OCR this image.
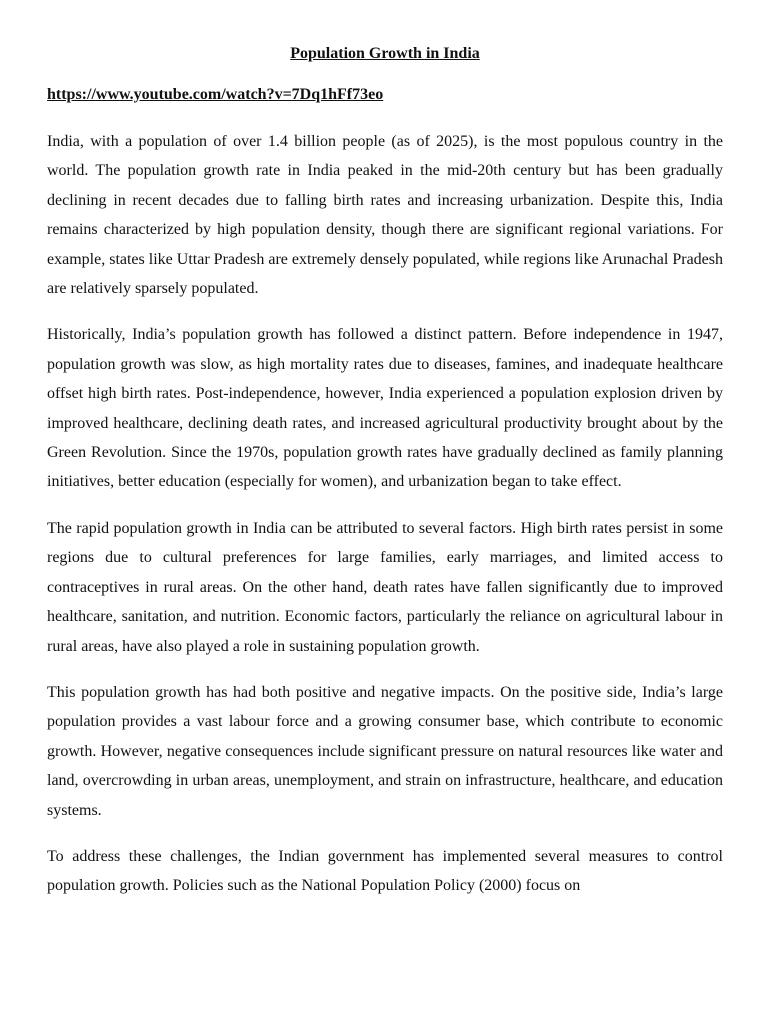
Population Growth in India
https://www.youtube.com/watch?v=7Dq1hFf73eo

India, with a population of over 1.4 billion people (as of 2025), is the most populous country in the world. The population growth rate in India peaked in the mid-20th century but has been gradually declining in recent decades due to falling birth rates and increasing urbanization. Despite this, India remains characterized by high population density, though there are significant regional variations. For example, states like Uttar Pradesh are extremely densely populated, while regions like Arunachal Pradesh are relatively sparsely populated.

Historically, India’s population growth has followed a distinct pattern. Before independence in 1947, population growth was slow, as high mortality rates due to diseases, famines, and inadequate healthcare offset high birth rates. Post-independence, however, India experienced a population explosion driven by improved healthcare, declining death rates, and increased agricultural productivity brought about by the Green Revolution. Since the 1970s, population growth rates have gradually declined as family planning initiatives, better education (especially for women), and urbanization began to take effect.

The rapid population growth in India can be attributed to several factors. High birth rates persist in some regions due to cultural preferences for large families, early marriages, and limited access to contraceptives in rural areas. On the other hand, death rates have fallen significantly due to improved healthcare, sanitation, and nutrition. Economic factors, particularly the reliance on agricultural labour in rural areas, have also played a role in sustaining population growth.

This population growth has had both positive and negative impacts. On the positive side, India’s large population provides a vast labour force and a growing consumer base, which contribute to economic growth. However, negative consequences include significant pressure on natural resources like water and land, overcrowding in urban areas, unemployment, and strain on infrastructure, healthcare, and education systems.

To address these challenges, the Indian government has implemented several measures to control population growth. Policies such as the National Population Policy (2000) focus on
